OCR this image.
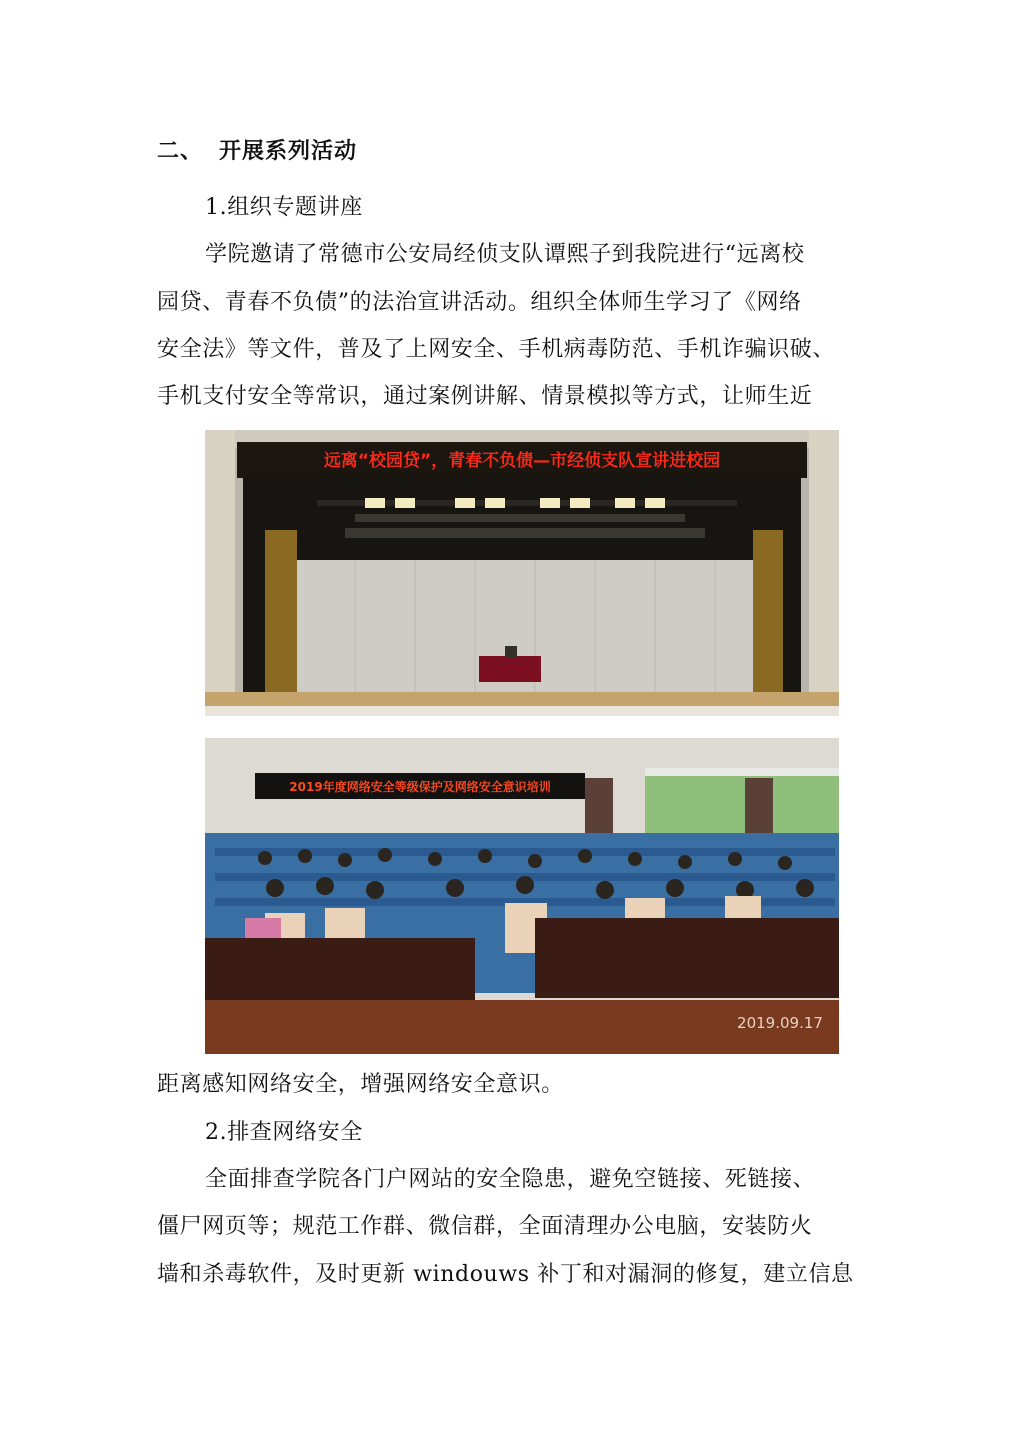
二、 开展系列活动
1.组织专题讲座
学院邀请了常德市公安局经侦支队谭熙子到我院进行“远离校
园贷、青春不负债”的法治宣讲活动。组织全体师生学习了《网络
安全法》等文件，普及了上网安全、手机病毒防范、手机诈骗识破、
手机支付安全等常识，通过案例讲解、情景模拟等方式，让师生近
远离“校园贷”，青春不负债—市经侦支队宣讲进校园
2019年度网络安全等级保护及网络安全意识培训
2019.09.17
距离感知网络安全，增强网络安全意识。
2.排查网络安全
全面排查学院各门户网站的安全隐患，避免空链接、死链接、
僵尸网页等；规范工作群、微信群，全面清理办公电脑，安装防火
墙和杀毒软件，及时更新 windouws 补丁和对漏洞的修复，建立信息
